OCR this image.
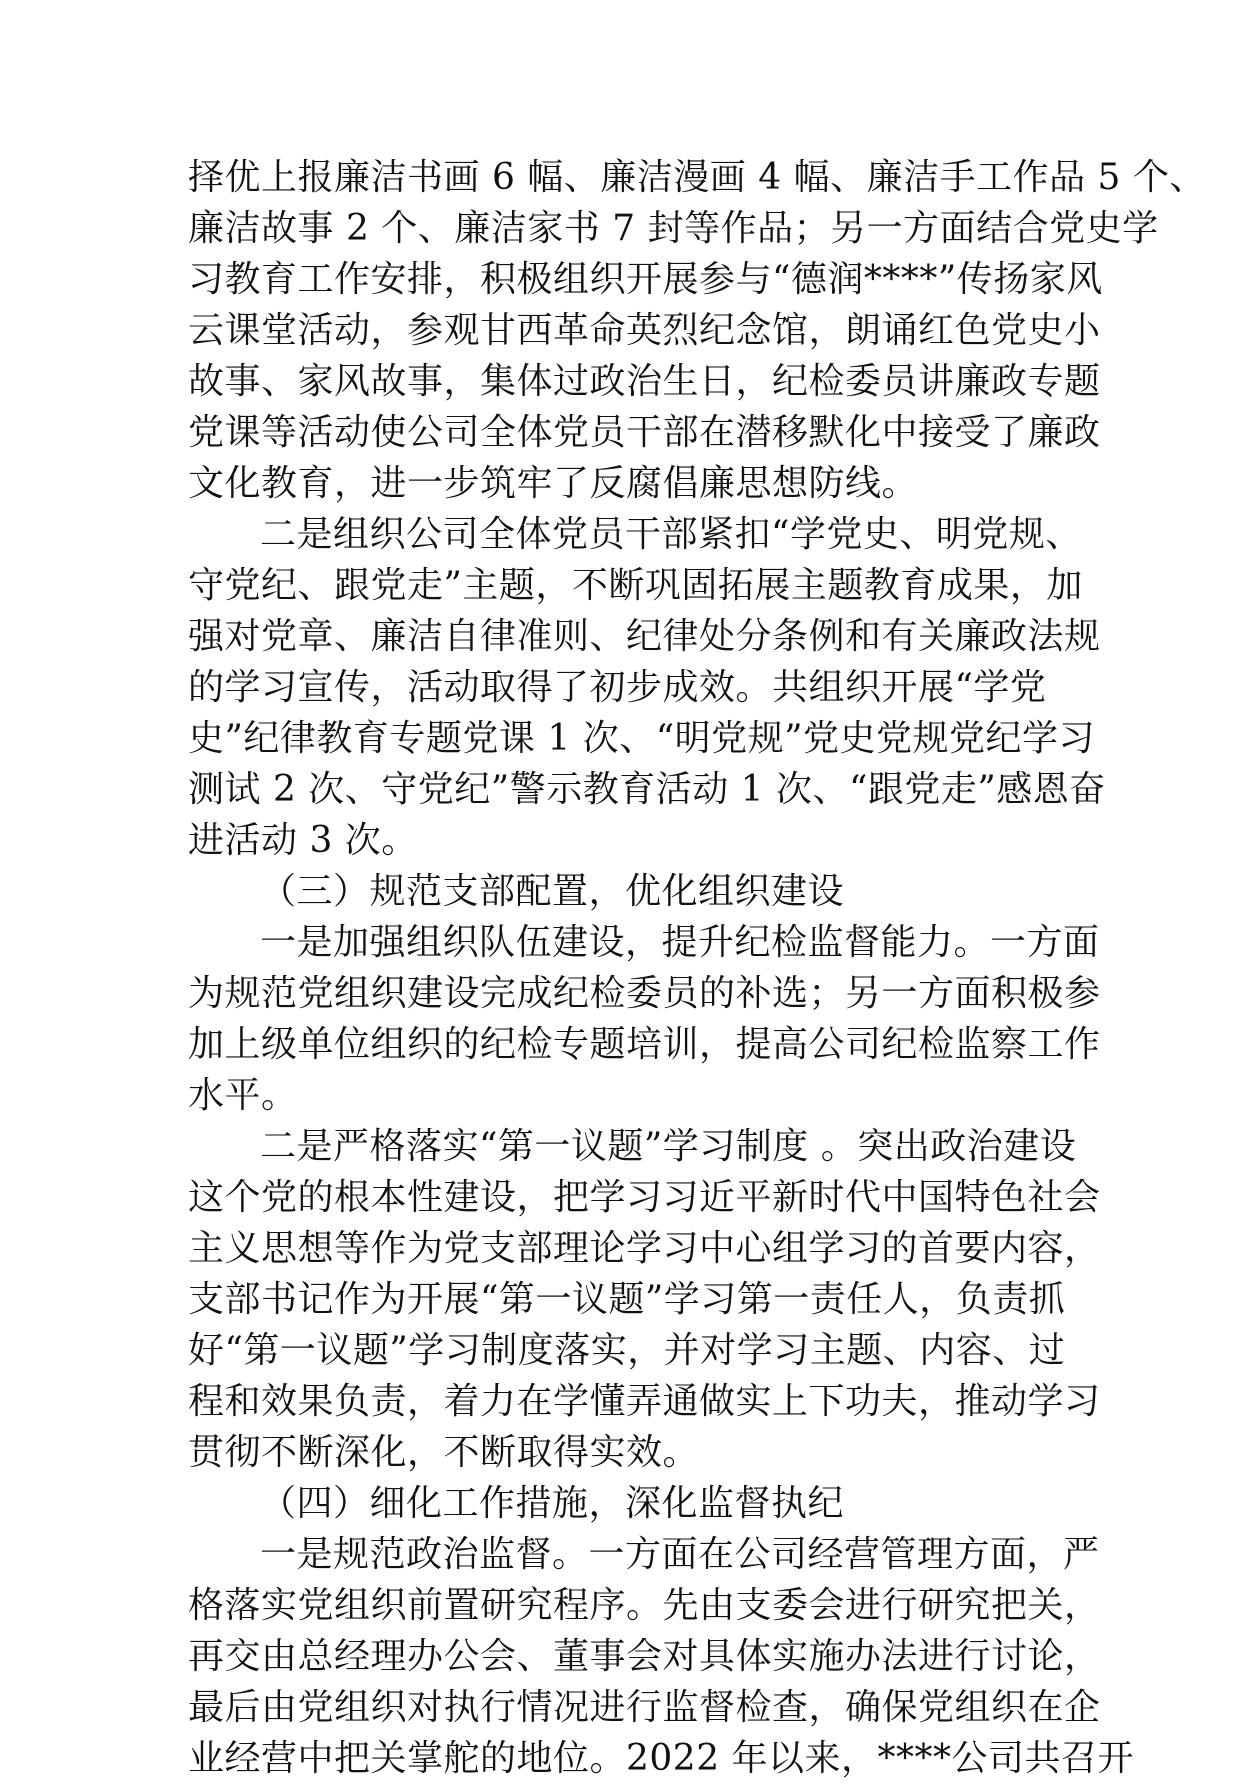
择优上报廉洁书画 6 幅、廉洁漫画 4 幅、廉洁手工作品 5 个、
廉洁故事 2 个、廉洁家书 7 封等作品；另一方面结合党史学
习教育工作安排，积极组织开展参与“德润****”传扬家风
云课堂活动，参观甘西革命英烈纪念馆，朗诵红色党史小
故事、家风故事，集体过政治生日，纪检委员讲廉政专题
党课等活动使公司全体党员干部在潜移默化中接受了廉政
文化教育，进一步筑牢了反腐倡廉思想防线。
二是组织公司全体党员干部紧扣“学党史、明党规、
守党纪、跟党走”主题，不断巩固拓展主题教育成果，加
强对党章、廉洁自律准则、纪律处分条例和有关廉政法规
的学习宣传，活动取得了初步成效。共组织开展“学党
史”纪律教育专题党课 1 次、“明党规”党史党规党纪学习
测试 2 次、守党纪”警示教育活动 1 次、“跟党走”感恩奋
进活动 3 次。
（三）规范支部配置，优化组织建设
一是加强组织队伍建设，提升纪检监督能力。一方面
为规范党组织建设完成纪检委员的补选；另一方面积极参
加上级单位组织的纪检专题培训，提高公司纪检监察工作
水平。
二是严格落实“第一议题”学习制度 。突出政治建设
这个党的根本性建设，把学习习近平新时代中国特色社会
主义思想等作为党支部理论学习中心组学习的首要内容，
支部书记作为开展“第一议题”学习第一责任人，负责抓
好“第一议题”学习制度落实，并对学习主题、内容、过
程和效果负责，着力在学懂弄通做实上下功夫，推动学习
贯彻不断深化，不断取得实效。
（四）细化工作措施，深化监督执纪
一是规范政治监督。一方面在公司经营管理方面，严
格落实党组织前置研究程序。先由支委会进行研究把关，
再交由总经理办公会、董事会对具体实施办法进行讨论，
最后由党组织对执行情况进行监督检查，确保党组织在企
业经营中把关掌舵的地位。2022 年以来，****公司共召开
